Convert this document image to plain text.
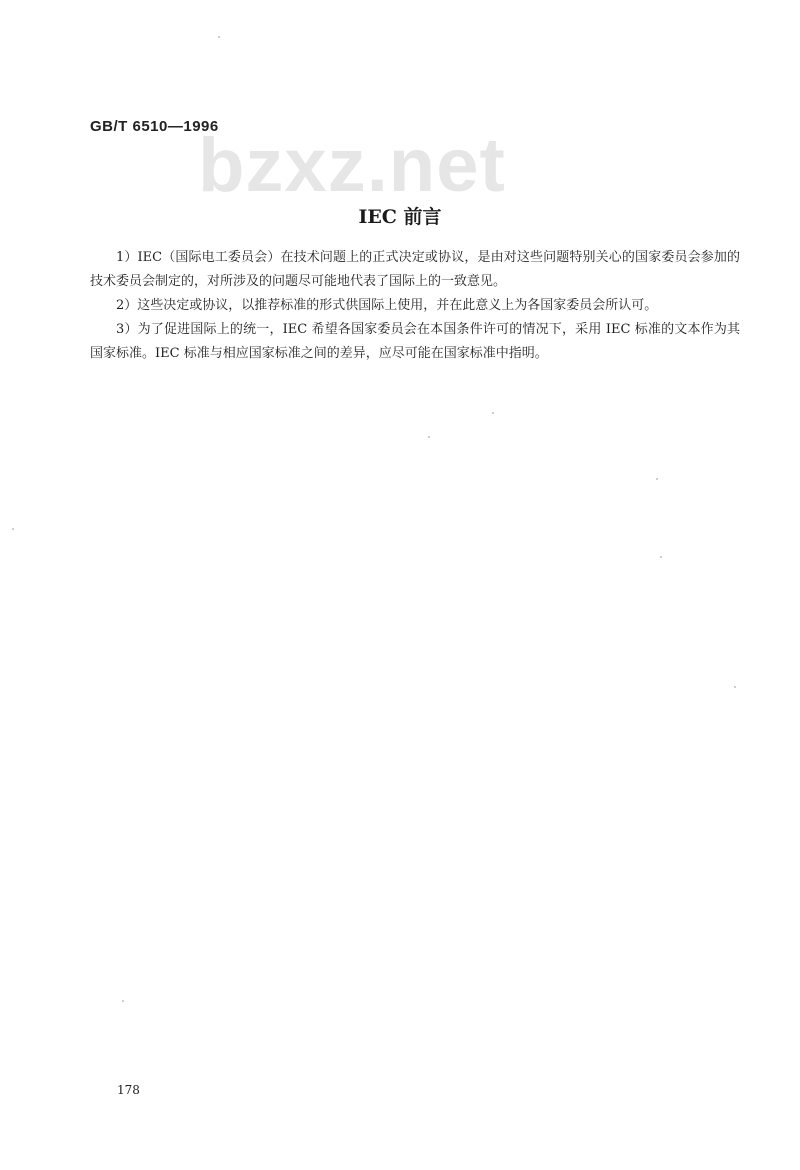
GB/T 6510—1996
bzxz.net
IEC 前言

1）IEC（国际电工委员会）在技术问题上的正式决定或协议，是由对这些问题特别关心的国家委员会参加的技术委员会制定的，对所涉及的问题尽可能地代表了国际上的一致意见。

2）这些决定或协议，以推荐标准的形式供国际上使用，并在此意义上为各国家委员会所认可。

3）为了促进国际上的统一，IEC 希望各国家委员会在本国条件许可的情况下，采用 IEC 标准的文本作为其国家标准。IEC 标准与相应国家标准之间的差异，应尽可能在国家标准中指明。

178
